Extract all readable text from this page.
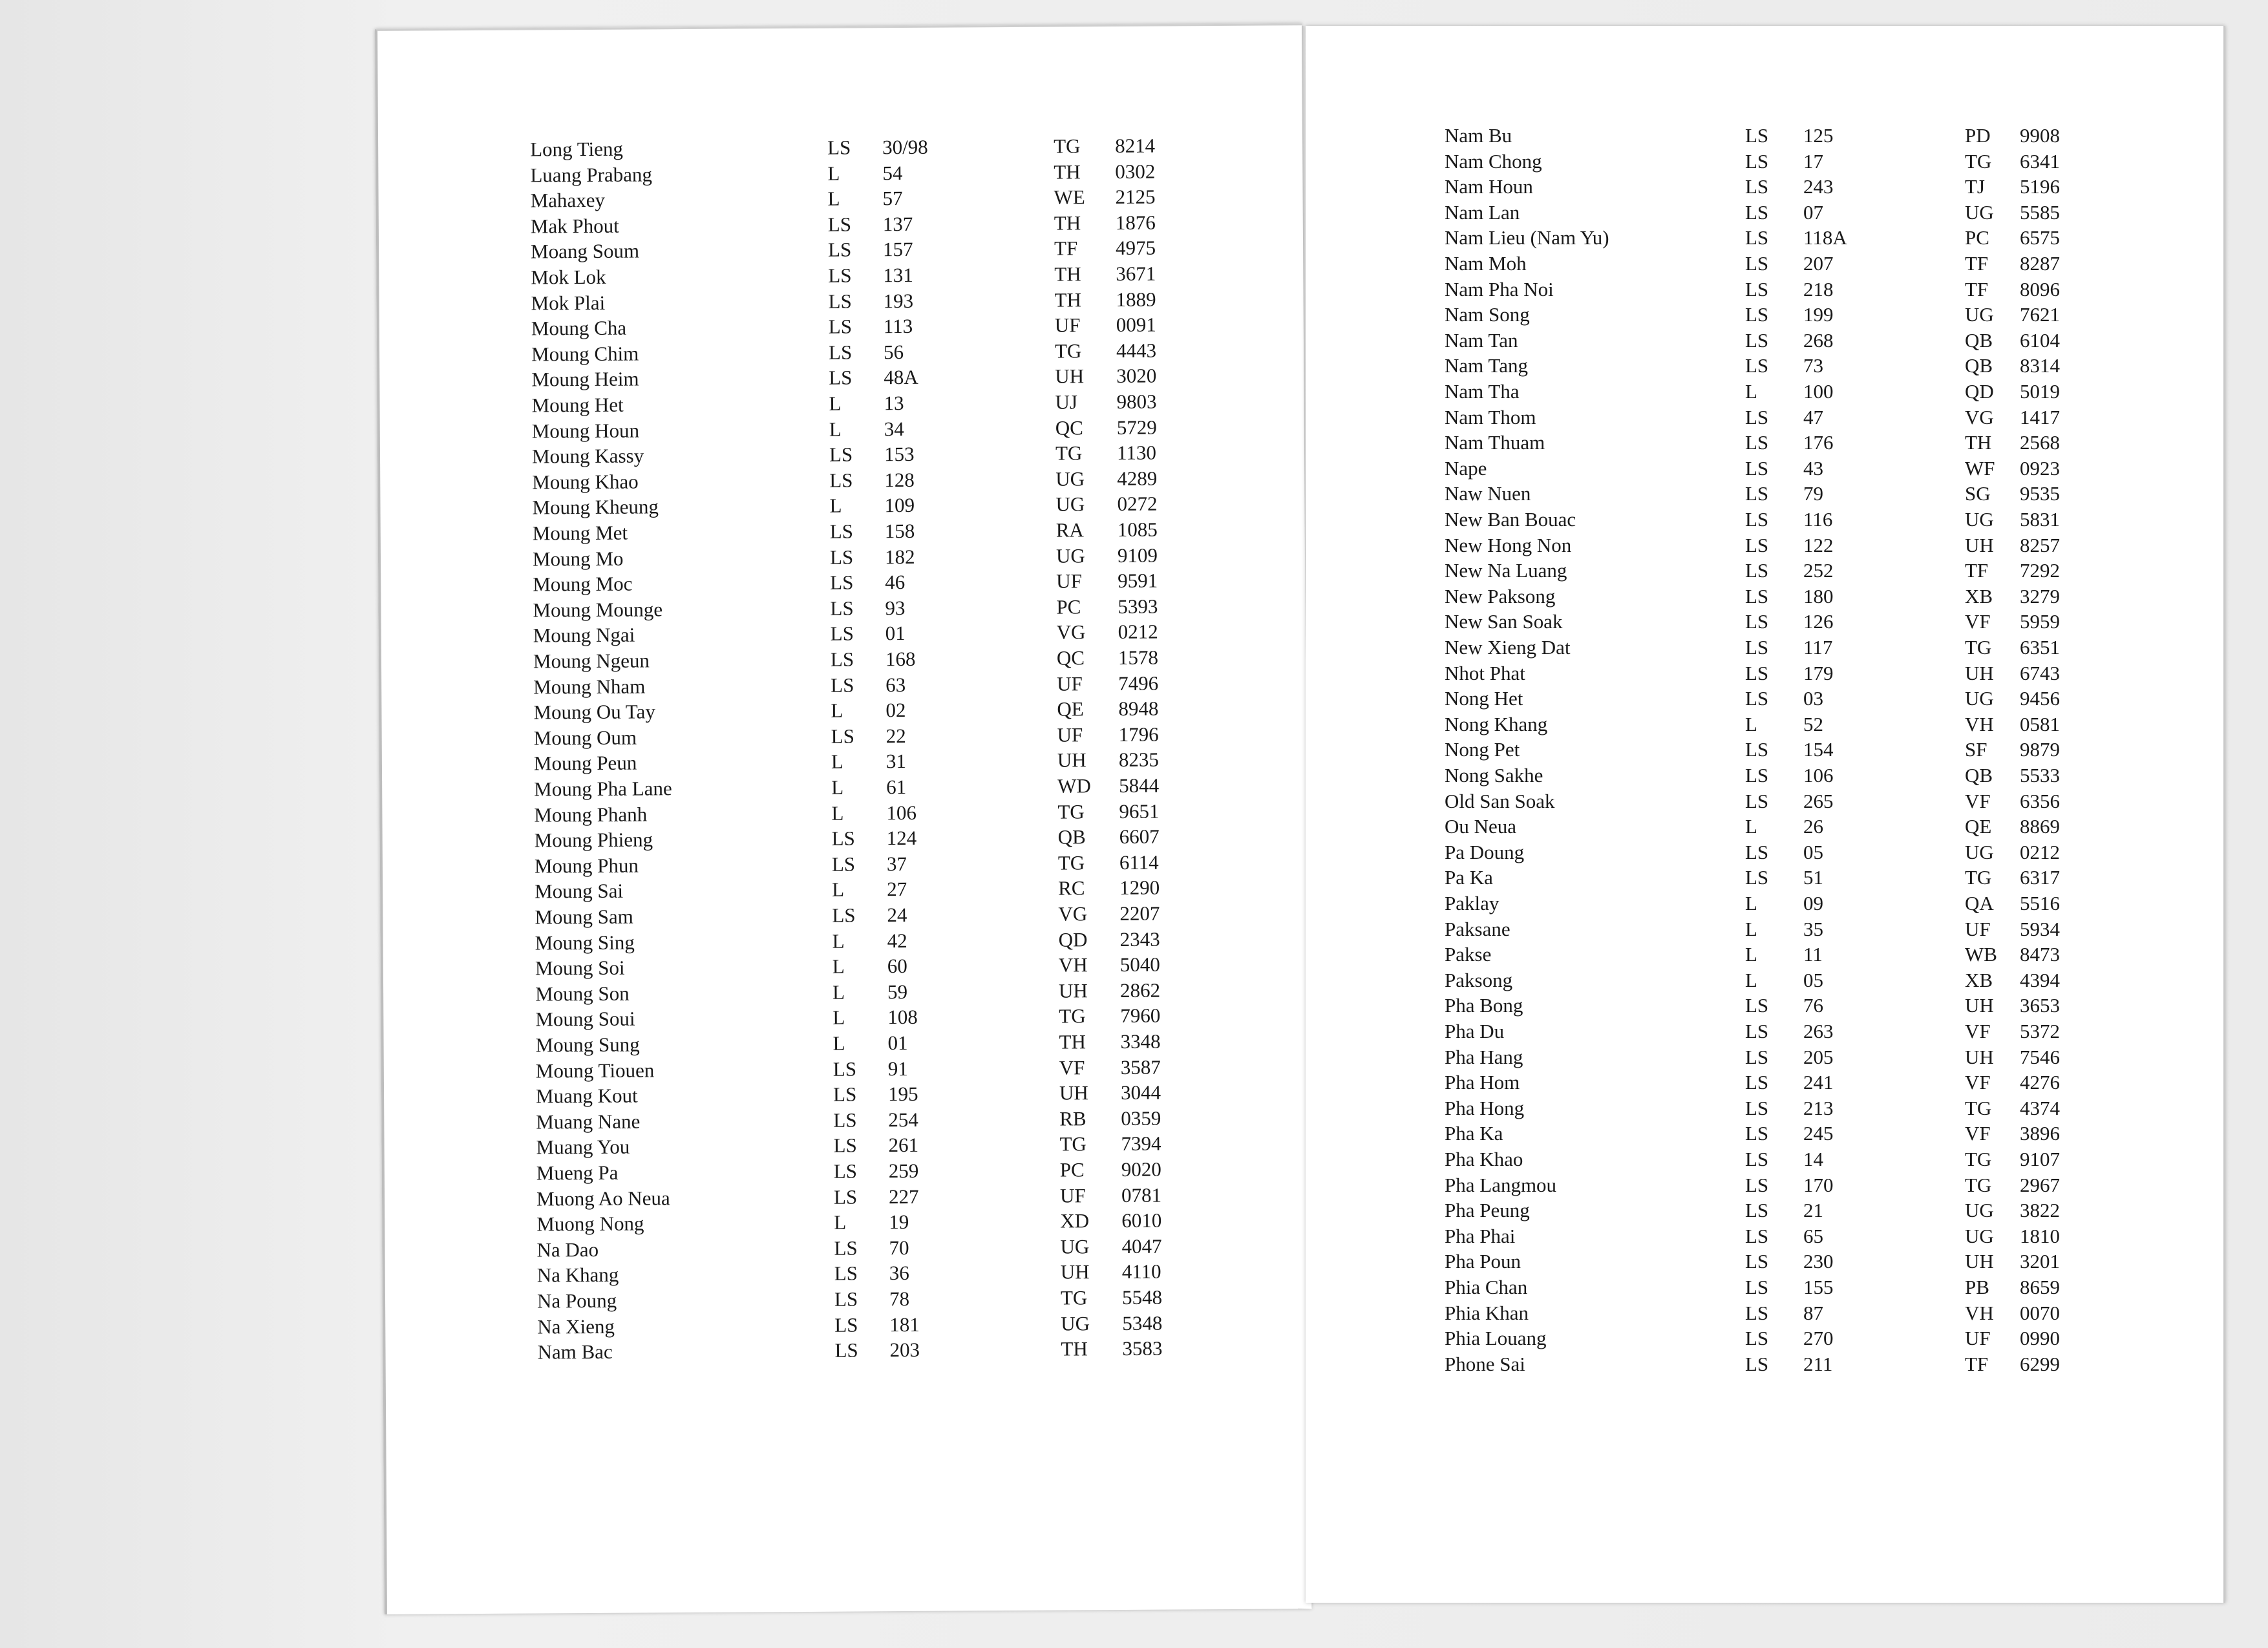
Long Tieng	LS 30/98	TG 8214
Luang Prabang	L 54	TH 0302
Mahaxey	L 57	WE 2125
Mak Phout	LS 137	TH 1876
Moang Soum	LS 157	TF 4975
Mok Lok	LS 131	TH 3671
Mok Plai	LS 193	TH 1889
Moung Cha	LS 113	UF 0091
Moung Chim	LS 56	TG 4443
Moung Heim	LS 48A	UH 3020
Moung Het	L 13	UJ 9803
Moung Houn	L 34	QC 5729
Moung Kassy	LS 153	TG 1130
Moung Khao	LS 128	UG 4289
Moung Kheung	L 109	UG 0272
Moung Met	LS 158	RA 1085
Moung Mo	LS 182	UG 9109
Moung Moc	LS 46	UF 9591
Moung Mounge	LS 93	PC 5393
Moung Ngai	LS 01	VG 0212
Moung Ngeun	LS 168	QC 1578
Moung Nham	LS 63	UF 7496
Moung Ou Tay	L 02	QE 8948
Moung Oum	LS 22	UF 1796
Moung Peun	L 31	UH 8235
Moung Pha Lane	L 61	WD 5844
Moung Phanh	L 106	TG 9651
Moung Phieng	LS 124	QB 6607
Moung Phun	LS 37	TG 6114
Moung Sai	L 27	RC 1290
Moung Sam	LS 24	VG 2207
Moung Sing	L 42	QD 2343
Moung Soi	L 60	VH 5040
Moung Son	L 59	UH 2862
Moung Soui	L 108	TG 7960
Moung Sung	L 01	TH 3348
Moung Tiouen	LS 91	VF 3587
Muang Kout	LS 195	UH 3044
Muang Nane	LS 254	RB 0359
Muang You	LS 261	TG 7394
Mueng Pa	LS 259	PC 9020
Muong Ao Neua	LS 227	UF 0781
Muong Nong	L 19	XD 6010
Na Dao	LS 70	UG 4047
Na Khang	LS 36	UH 4110
Na Poung	LS 78	TG 5548
Na Xieng	LS 181	UG 5348
Nam Bac	LS 203	TH 3583
Nam Bu	LS 125	PD 9908
Nam Chong	LS 17	TG 6341
Nam Houn	LS 243	TJ 5196
Nam Lan	LS 07	UG 5585
Nam Lieu (Nam Yu)	LS 118A	PC 6575
Nam Moh	LS 207	TF 8287
Nam Pha Noi	LS 218	TF 8096
Nam Song	LS 199	UG 7621
Nam Tan	LS 268	QB 6104
Nam Tang	LS 73	QB 8314
Nam Tha	L 100	QD 5019
Nam Thom	LS 47	VG 1417
Nam Thuam	LS 176	TH 2568
Nape	LS 43	WF 0923
Naw Nuen	LS 79	SG 9535
New Ban Bouac	LS 116	UG 5831
New Hong Non	LS 122	UH 8257
New Na Luang	LS 252	TF 7292
New Paksong	LS 180	XB 3279
New San Soak	LS 126	VF 5959
New Xieng Dat	LS 117	TG 6351
Nhot Phat	LS 179	UH 6743
Nong Het	LS 03	UG 9456
Nong Khang	L 52	VH 0581
Nong Pet	LS 154	SF 9879
Nong Sakhe	LS 106	QB 5533
Old San Soak	LS 265	VF 6356
Ou Neua	L 26	QE 8869
Pa Doung	LS 05	UG 0212
Pa Ka	LS 51	TG 6317
Paklay	L 09	QA 5516
Paksane	L 35	UF 5934
Pakse	L 11	WB 8473
Paksong	L 05	XB 4394
Pha Bong	LS 76	UH 3653
Pha Du	LS 263	VF 5372
Pha Hang	LS 205	UH 7546
Pha Hom	LS 241	VF 4276
Pha Hong	LS 213	TG 4374
Pha Ka	LS 245	VF 3896
Pha Khao	LS 14	TG 9107
Pha Langmou	LS 170	TG 2967
Pha Peung	LS 21	UG 3822
Pha Phai	LS 65	UG 1810
Pha Poun	LS 230	UH 3201
Phia Chan	LS 155	PB 8659
Phia Khan	LS 87	VH 0070
Phia Louang	LS 270	UF 0990
Phone Sai	LS 211	TF 6299
